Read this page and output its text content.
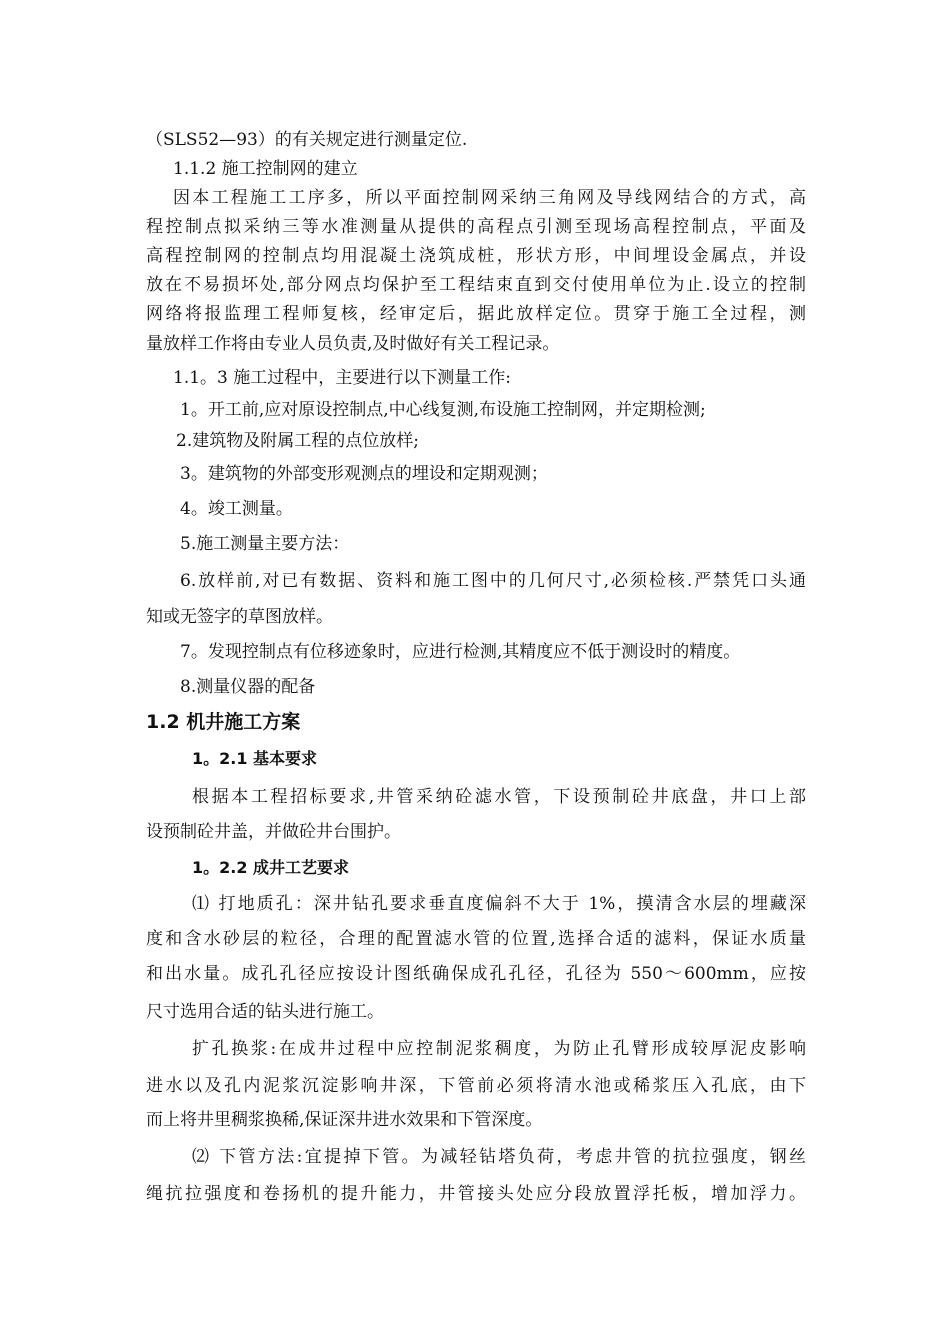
（SLS52—93）的有关规定进行测量定位.
1.1.2 施工控制网的建立
因本工程施工工序多，所以平面控制网采纳三角网及导线网结合的方式，高
程控制点拟采纳三等水准测量从提供的高程点引测至现场高程控制点，平面及
高程控制网的控制点均用混凝土浇筑成桩，形状方形，中间埋设金属点，并设
放在不易损坏处,部分网点均保护至工程结束直到交付使用单位为止.设立的控制
网络将报监理工程师复核，经审定后，据此放样定位。贯穿于施工全过程，测
量放样工作将由专业人员负责,及时做好有关工程记录。
1.1。3 施工过程中，主要进行以下测量工作:
1。开工前,应对原设控制点,中心线复测,布设施工控制网，并定期检测;
2.建筑物及附属工程的点位放样;
3。建筑物的外部变形观测点的埋设和定期观测；
4。竣工测量。
5.施工测量主要方法：
6.放样前,对已有数据、资料和施工图中的几何尺寸,必须检核.严禁凭口头通
知或无签字的草图放样。
7。发现控制点有位移迹象时，应进行检测,其精度应不低于测设时的精度。
8.测量仪器的配备
1.2 机井施工方案
1。2.1 基本要求
根据本工程招标要求,井管采纳砼滤水管，下设预制砼井底盘，井口上部
设预制砼井盖，并做砼井台围护。
1。2.2 成井工艺要求
⑴ 打地质孔：深井钻孔要求垂直度偏斜不大于 1%，摸清含水层的埋藏深
度和含水砂层的粒径，合理的配置滤水管的位置,选择合适的滤料，保证水质量
和出水量。成孔孔径应按设计图纸确保成孔孔径，孔径为 550～600mm，应按
尺寸选用合适的钻头进行施工。
扩孔换浆:在成井过程中应控制泥浆稠度，为防止孔臂形成较厚泥皮影响
进水以及孔内泥浆沉淀影响井深，下管前必须将清水池或稀浆压入孔底，由下
而上将井里稠浆换稀,保证深井进水效果和下管深度。
⑵ 下管方法:宜提掉下管。为减轻钻塔负荷，考虑井管的抗拉强度，钢丝
绳抗拉强度和卷扬机的提升能力，井管接头处应分段放置浮托板，增加浮力。
